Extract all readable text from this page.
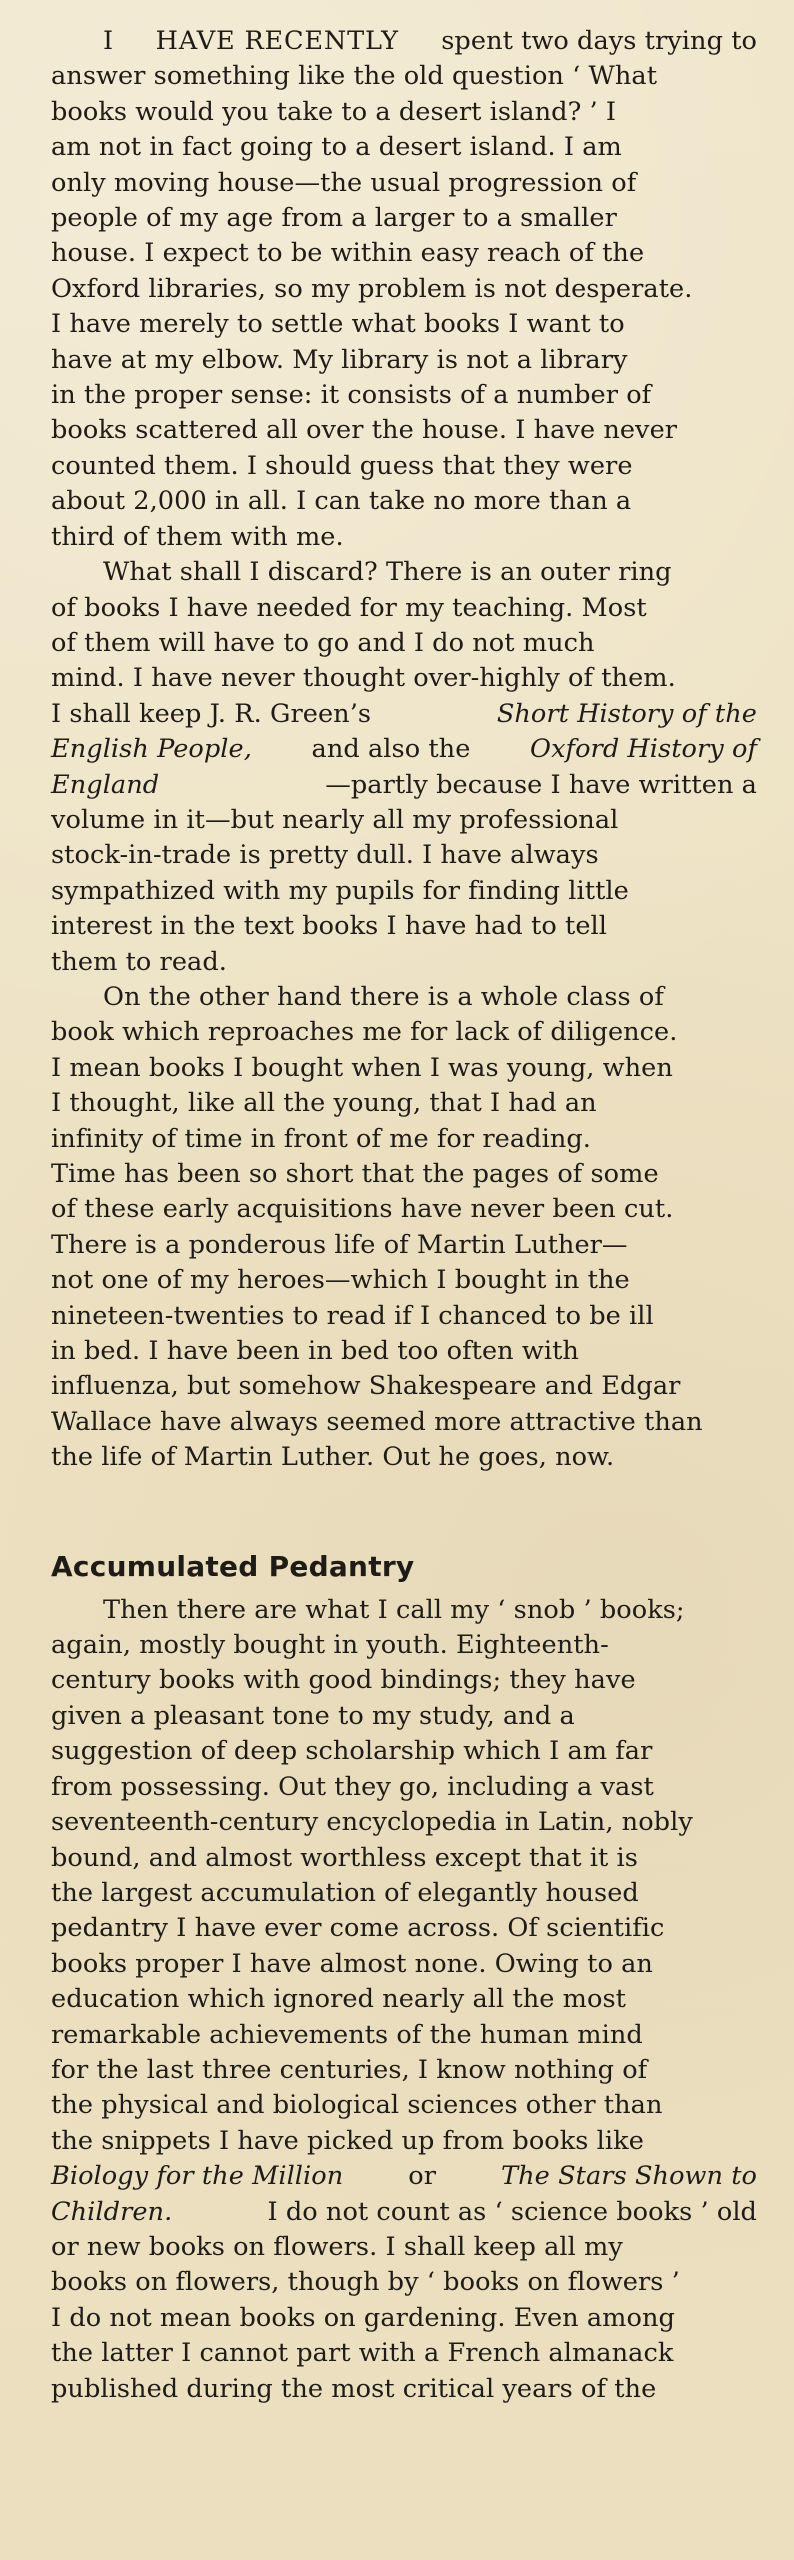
I HAVE RECENTLY spent two days trying to
answer something like the old question ‘ What
books would you take to a desert island? ’ I
am not in fact going to a desert island. I am
only moving house—the usual progression of
people of my age from a larger to a smaller
house. I expect to be within easy reach of the
Oxford libraries, so my problem is not desperate.
I have merely to settle what books I want to
have at my elbow. My library is not a library
in the proper sense: it consists of a number of
books scattered all over the house. I have never
counted them. I should guess that they were
about 2,000 in all. I can take no more than a
third of them with me.
What shall I discard? There is an outer ring
of books I have needed for my teaching. Most
of them will have to go and I do not much
mind. I have never thought over-highly of them.
I shall keep J. R. Green’s	Short History of the
English People, and also the Oxford History of
England	—partly because I have written a
volume in it—but nearly all my professional
stock-in-trade is pretty dull. I have always
sympathized with my pupils for finding little
interest in the text books I have had to tell
them to read.
On the other hand there is a whole class of
book which reproaches me for lack of diligence.
I mean books I bought when I was young, when
I thought, like all the young, that I had an
infinity of time in front of me for reading.
Time has been so short that the pages of some
of these early acquisitions have never been cut.
There is a ponderous life of Martin Luther—
not one of my heroes—which I bought in the
nineteen-twenties to read if I chanced to be ill
in bed. I have been in bed too often with
influenza, but somehow Shakespeare and Edgar
Wallace have always seemed more attractive than
the life of Martin Luther. Out he goes, now.
Accumulated Pedantry
Then there are what I call my ‘ snob ’ books;
again, mostly bought in youth. Eighteenth-
century books with good bindings; they have
given a pleasant tone to my study, and a
suggestion of deep scholarship which I am far
from possessing. Out they go, including a vast
seventeenth-century encyclopedia in Latin, nobly
bound, and almost worthless except that it is
the largest accumulation of elegantly housed
pedantry I have ever come across. Of scientific
books proper I have almost none. Owing to an
education which ignored nearly all the most
remarkable achievements of the human mind
for the last three centuries, I know nothing of
the physical and biological sciences other than
the snippets I have picked up from books like
Biology for the Million	or	The Stars Shown to
Children.	I do not count as ‘ science books ’ old
or new books on flowers. I shall keep all my
books on flowers, though by ‘ books on flowers ’
I do not mean books on gardening. Even among
the latter I cannot part with a French almanack
published during the most critical years of the
